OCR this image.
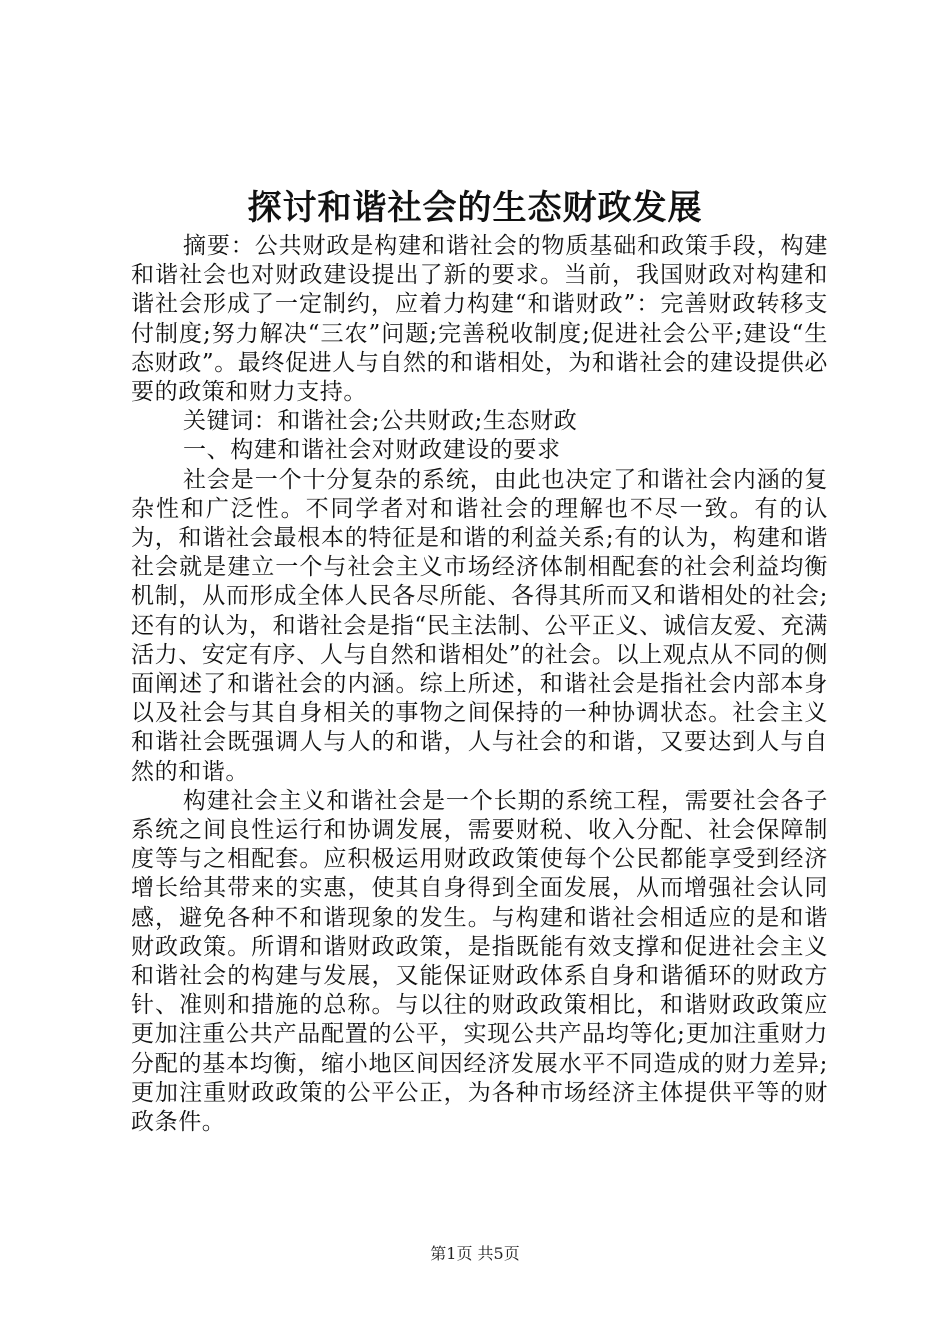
探讨和谐社会的生态财政发展

摘要：公共财政是构建和谐社会的物质基础和政策手段，构建和谐社会也对财政建设提出了新的要求。当前，我国财政对构建和谐社会形成了一定制约，应着力构建“和谐财政”：完善财政转移支付制度;努力解决“三农”问题;完善税收制度;促进社会公平;建设“生态财政”。最终促进人与自然的和谐相处，为和谐社会的建设提供必要的政策和财力支持。

关键词：和谐社会;公共财政;生态财政

一、构建和谐社会对财政建设的要求

社会是一个十分复杂的系统，由此也决定了和谐社会内涵的复杂性和广泛性。不同学者对和谐社会的理解也不尽一致。有的认为，和谐社会最根本的特征是和谐的利益关系;有的认为，构建和谐社会就是建立一个与社会主义市场经济体制相配套的社会利益均衡机制，从而形成全体人民各尽所能、各得其所而又和谐相处的社会;还有的认为，和谐社会是指“民主法制、公平正义、诚信友爱、充满活力、安定有序、人与自然和谐相处”的社会。以上观点从不同的侧面阐述了和谐社会的内涵。综上所述，和谐社会是指社会内部本身以及社会与其自身相关的事物之间保持的一种协调状态。社会主义和谐社会既强调人与人的和谐，人与社会的和谐，又要达到人与自然的和谐。

构建社会主义和谐社会是一个长期的系统工程，需要社会各子系统之间良性运行和协调发展，需要财税、收入分配、社会保障制度等与之相配套。应积极运用财政政策使每个公民都能享受到经济增长给其带来的实惠，使其自身得到全面发展，从而增强社会认同感，避免各种不和谐现象的发生。与构建和谐社会相适应的是和谐财政政策。所谓和谐财政政策，是指既能有效支撑和促进社会主义和谐社会的构建与发展，又能保证财政体系自身和谐循环的财政方针、准则和措施的总称。与以往的财政政策相比，和谐财政政策应更加注重公共产品配置的公平，实现公共产品均等化;更加注重财力分配的基本均衡，缩小地区间因经济发展水平不同造成的财力差异;更加注重财政政策的公平公正，为各种市场经济主体提供平等的财政条件。

第1页 共5页
